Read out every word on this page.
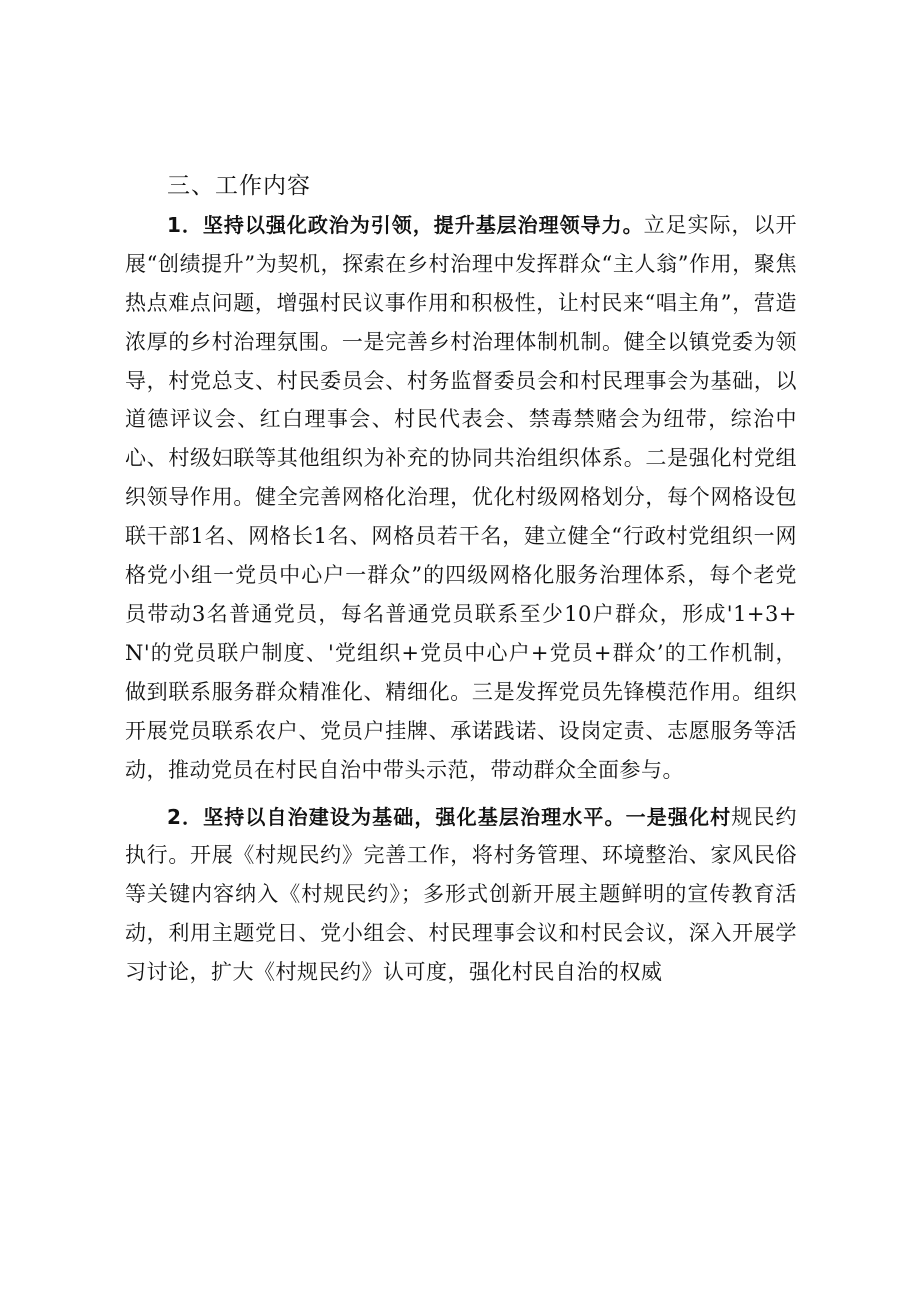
三、工作内容

1．坚持以强化政治为引领，提升基层治理领导力。立足实际，以开展“创绩提升”为契机，探索在乡村治理中发挥群众“主人翁”作用，聚焦热点难点问题，增强村民议事作用和积极性，让村民来“唱主角”，营造浓厚的乡村治理氛围。一是完善乡村治理体制机制。健全以镇党委为领导，村党总支、村民委员会、村务监督委员会和村民理事会为基础，以道德评议会、红白理事会、村民代表会、禁毒禁赌会为纽带，综治中心、村级妇联等其他组织为补充的协同共治组织体系。二是强化村党组织领导作用。健全完善网格化治理，优化村级网格划分，每个网格设包联干部1名、网格长1名、网格员若干名，建立健全“行政村党组织一网格党小组一党员中心户一群众”的四级网格化服务治理体系，每个老党员带动3名普通党员，每名普通党员联系至少10户群众，形成'1+3+N'的党员联户制度、'党组织+党员中心户+党员+群众’的工作机制，做到联系服务群众精准化、精细化。三是发挥党员先锋模范作用。组织开展党员联系农户、党员户挂牌、承诺践诺、设岗定责、志愿服务等活动，推动党员在村民自治中带头示范，带动群众全面参与。

2．坚持以自治建设为基础，强化基层治理水平。一是强化村规民约执行。开展《村规民约》完善工作，将村务管理、环境整治、家风民俗等关键内容纳入《村规民约》；多形式创新开展主题鲜明的宣传教育活动，利用主题党日、党小组会、村民理事会议和村民会议，深入开展学习讨论，扩大《村规民约》认可度，强化村民自治的权威
